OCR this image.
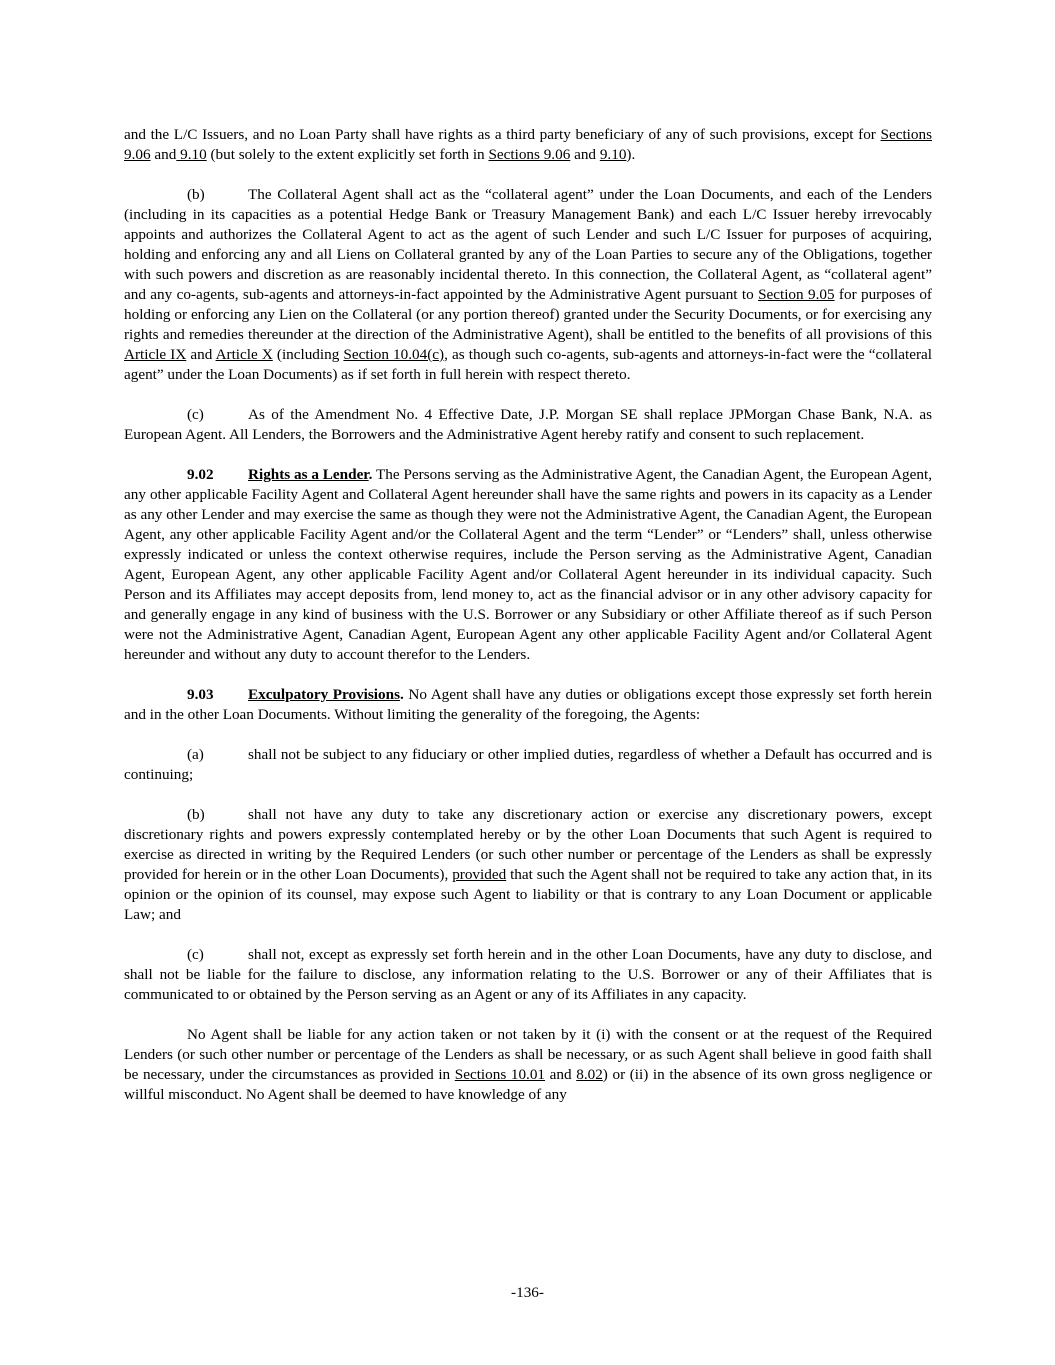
and the L/C Issuers, and no Loan Party shall have rights as a third party beneficiary of any of such provisions, except for Sections 9.06 and 9.10 (but solely to the extent explicitly set forth in Sections 9.06 and 9.10).

(b)	The Collateral Agent shall act as the “collateral agent” under the Loan Documents, and each of the Lenders (including in its capacities as a potential Hedge Bank or Treasury Management Bank) and each L/C Issuer hereby irrevocably appoints and authorizes the Collateral Agent to act as the agent of such Lender and such L/C Issuer for purposes of acquiring, holding and enforcing any and all Liens on Collateral granted by any of the Loan Parties to secure any of the Obligations, together with such powers and discretion as are reasonably incidental thereto. In this connection, the Collateral Agent, as “collateral agent” and any co-agents, sub-agents and attorneys-in-fact appointed by the Administrative Agent pursuant to Section 9.05 for purposes of holding or enforcing any Lien on the Collateral (or any portion thereof) granted under the Security Documents, or for exercising any rights and remedies thereunder at the direction of the Administrative Agent), shall be entitled to the benefits of all provisions of this Article IX and Article X (including Section 10.04(c), as though such co-agents, sub-agents and attorneys-in-fact were the “collateral agent” under the Loan Documents) as if set forth in full herein with respect thereto.

(c)	As of the Amendment No. 4 Effective Date, J.P. Morgan SE shall replace JPMorgan Chase Bank, N.A. as European Agent. All Lenders, the Borrowers and the Administrative Agent hereby ratify and consent to such replacement.

9.02 Rights as a Lender. The Persons serving as the Administrative Agent, the Canadian Agent, the European Agent, any other applicable Facility Agent and Collateral Agent hereunder shall have the same rights and powers in its capacity as a Lender as any other Lender and may exercise the same as though they were not the Administrative Agent, the Canadian Agent, the European Agent, any other applicable Facility Agent and/or the Collateral Agent and the term “Lender” or “Lenders” shall, unless otherwise expressly indicated or unless the context otherwise requires, include the Person serving as the Administrative Agent, Canadian Agent, European Agent, any other applicable Facility Agent and/or Collateral Agent hereunder in its individual capacity. Such Person and its Affiliates may accept deposits from, lend money to, act as the financial advisor or in any other advisory capacity for and generally engage in any kind of business with the U.S. Borrower or any Subsidiary or other Affiliate thereof as if such Person were not the Administrative Agent, Canadian Agent, European Agent any other applicable Facility Agent and/or Collateral Agent hereunder and without any duty to account therefor to the Lenders.

9.03 Exculpatory Provisions. No Agent shall have any duties or obligations except those expressly set forth herein and in the other Loan Documents. Without limiting the generality of the foregoing, the Agents:

(a)	shall not be subject to any fiduciary or other implied duties, regardless of whether a Default has occurred and is continuing;

(b)	shall not have any duty to take any discretionary action or exercise any discretionary powers, except discretionary rights and powers expressly contemplated hereby or by the other Loan Documents that such Agent is required to exercise as directed in writing by the Required Lenders (or such other number or percentage of the Lenders as shall be expressly provided for herein or in the other Loan Documents), provided that such the Agent shall not be required to take any action that, in its opinion or the opinion of its counsel, may expose such Agent to liability or that is contrary to any Loan Document or applicable Law; and

(c)	shall not, except as expressly set forth herein and in the other Loan Documents, have any duty to disclose, and shall not be liable for the failure to disclose, any information relating to the U.S. Borrower or any of their Affiliates that is communicated to or obtained by the Person serving as an Agent or any of its Affiliates in any capacity.

No Agent shall be liable for any action taken or not taken by it (i) with the consent or at the request of the Required Lenders (or such other number or percentage of the Lenders as shall be necessary, or as such Agent shall believe in good faith shall be necessary, under the circumstances as provided in Sections 10.01 and 8.02) or (ii) in the absence of its own gross negligence or willful misconduct. No Agent shall be deemed to have knowledge of any

-136-
